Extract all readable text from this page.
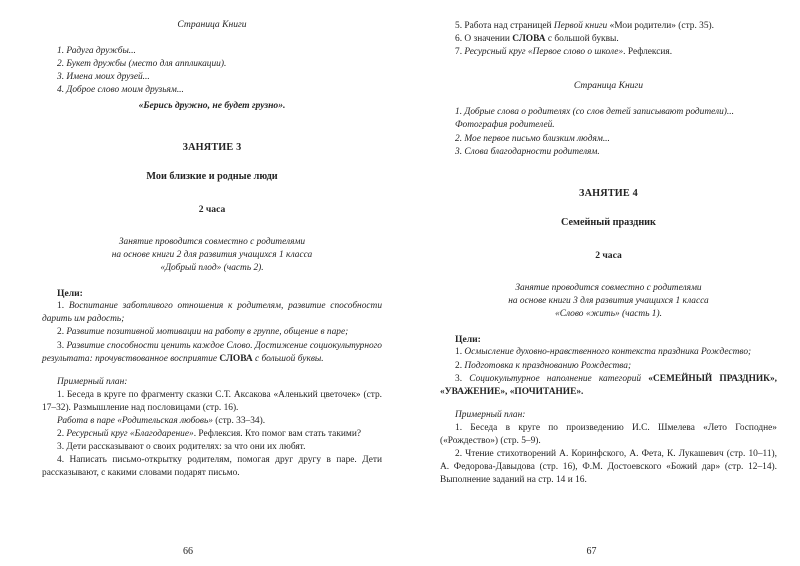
Страница Книги
1. Радуга дружбы...
2. Букет дружбы (место для аппликации).
3. Имена моих друзей...
4. Доброе слово моим друзьям...
«Берись дружно, не будет грузно».
ЗАНЯТИЕ 3
Мои близкие и родные люди
2 часа
Занятие проводится совместно с родителями
на основе книги 2 для развития учащихся 1 класса
«Добрый плод» (часть 2).
Цели:
1. Воспитание заботливого отношения к родителям, развитие способности дарить им радость;
2. Развитие позитивной мотивации на работу в группе, общение в паре;
3. Развитие способности ценить каждое Слово. Достижение социокультурного результата: прочувствованное восприятие СЛОВА с большой буквы.
Примерный план:
1. Беседа в круге по фрагменту сказки С.Т. Аксакова «Аленький цветочек» (стр. 17–32). Размышление над пословицами (стр. 16).
Работа в паре «Родительская любовь» (стр. 33–34).
2. Ресурсный круг «Благодарение». Рефлексия. Кто помог вам стать такими?
3. Дети рассказывают о своих родителях: за что они их любят.
4. Написать письмо-открытку родителям, помогая друг другу в паре. Дети рассказывают, с какими словами подарят письмо.
66
5. Работа над страницей Первой книги «Мои родители» (стр. 35).
6. О значении СЛОВА с большой буквы.
7. Ресурсный круг «Первое слово о школе». Рефлексия.
Страница Книги
1. Добрые слова о родителях (со слов детей записывают родители)...
Фотография родителей.
2. Мое первое письмо близким людям...
3. Слова благодарности родителям.
ЗАНЯТИЕ 4
Семейный праздник
2 часа
Занятие проводится совместно с родителями
на основе книги 3 для развития учащихся 1 класса
«Слово «жить» (часть 1).
Цели:
1. Осмысление духовно-нравственного контекста праздника Рождество;
2. Подготовка к празднованию Рождества;
3. Социокультурное наполнение категорий «СЕМЕЙНЫЙ ПРАЗДНИК», «УВАЖЕНИЕ», «ПОЧИТАНИЕ».
Примерный план:
1. Беседа в круге по произведению И.С. Шмелева «Лето Господне» («Рождество») (стр. 5–9).
2. Чтение стихотворений А. Коринфского, А. Фета, К. Лукашевич (стр. 10–11), А. Федорова-Давыдова (стр. 16), Ф.М. Достоевского «Божий дар» (стр. 12–14). Выполнение заданий на стр. 14 и 16.
67
